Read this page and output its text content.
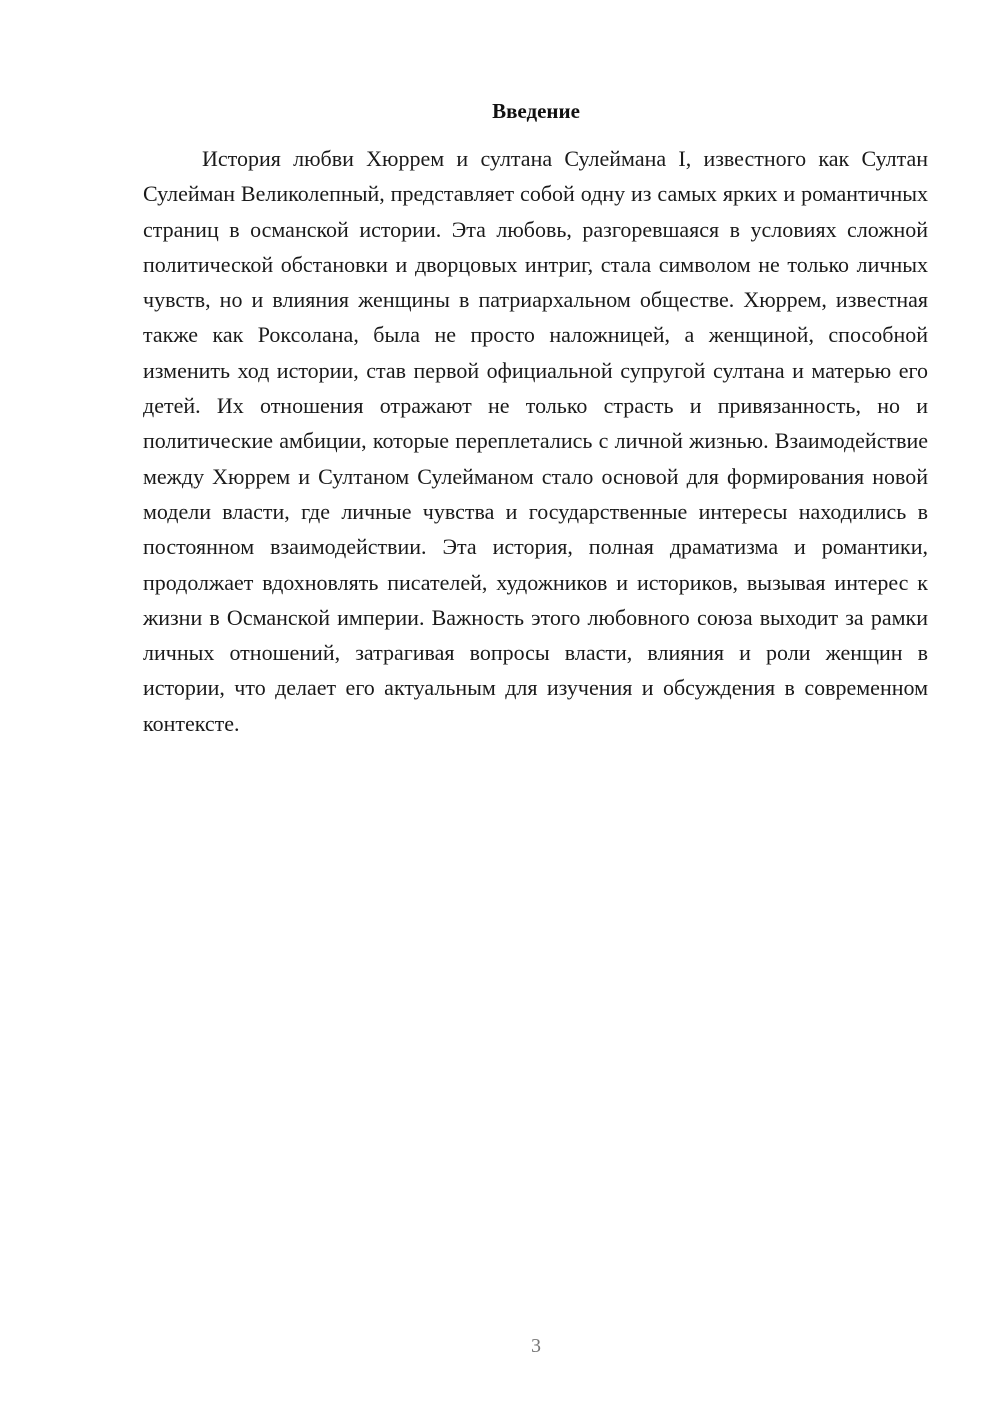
Введение

История любви Хюррем и султана Сулеймана I, известного как Султан Сулейман Великолепный, представляет собой одну из самых ярких и романтичных страниц в османской истории. Эта любовь, разгоревшаяся в условиях сложной политической обстановки и дворцовых интриг, стала символом не только личных чувств, но и влияния женщины в патриархальном обществе. Хюррем, известная также как Роксолана, была не просто наложницей, а женщиной, способной изменить ход истории, став первой официальной супругой султана и матерью его детей. Их отношения отражают не только страсть и привязанность, но и политические амбиции, которые переплетались с личной жизнью. Взаимодействие между Хюррем и Султаном Сулейманом стало основой для формирования новой модели власти, где личные чувства и государственные интересы находились в постоянном взаимодействии. Эта история, полная драматизма и романтики, продолжает вдохновлять писателей, художников и историков, вызывая интерес к жизни в Османской империи. Важность этого любовного союза выходит за рамки личных отношений, затрагивая вопросы власти, влияния и роли женщин в истории, что делает его актуальным для изучения и обсуждения в современном контексте.

3
